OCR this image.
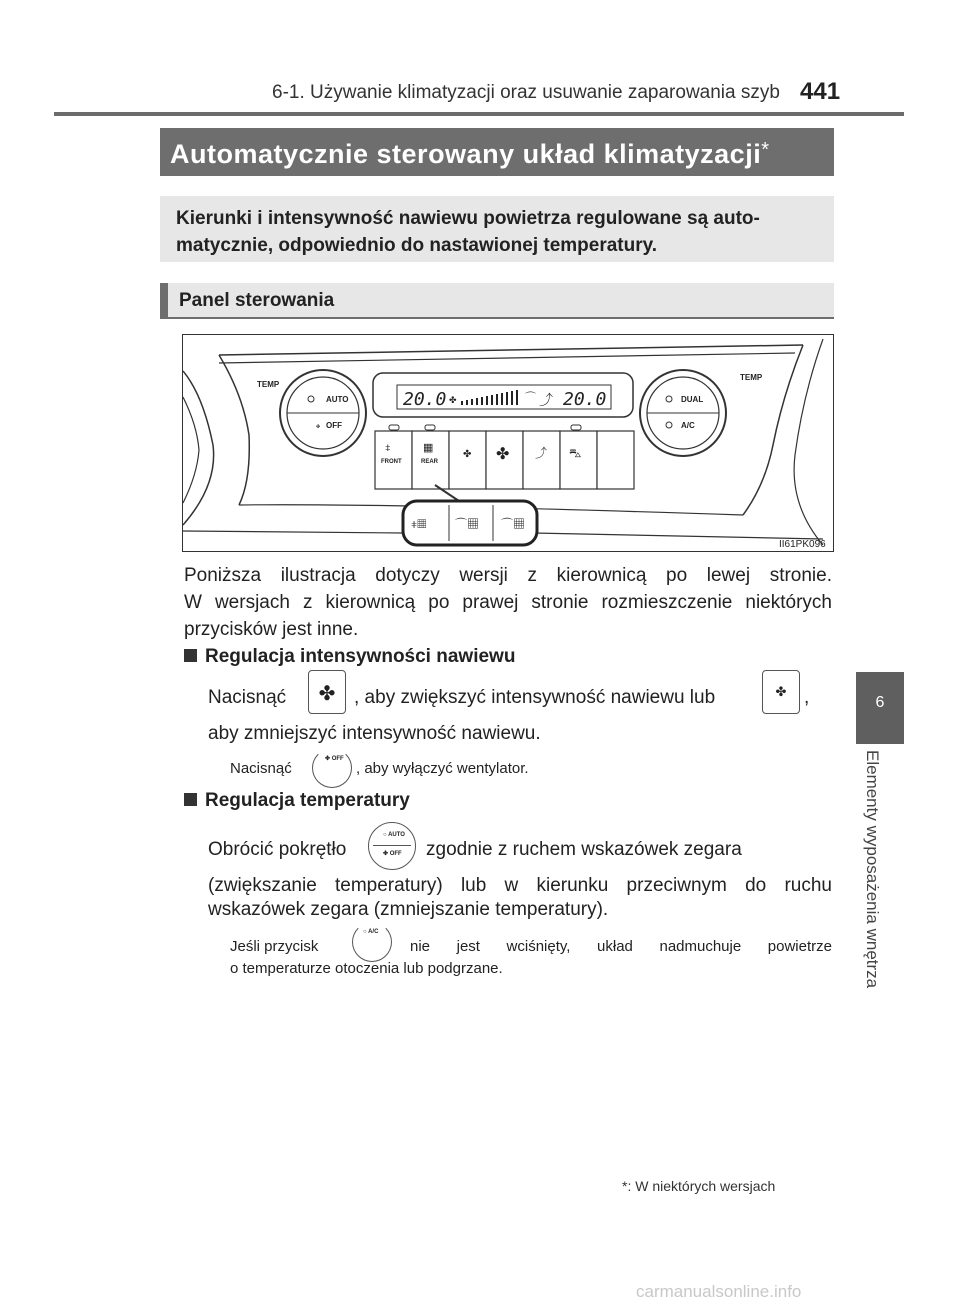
6-1. Używanie klimatyzacji oraz usuwanie zaparowania szyb 441
6
Elementy wyposażenia wnętrza
Automatycznie sterowany układ klimatyzacji*
Kierunki i intensywność nawiewu powietrza regulowane są auto-
matycznie, odpowiednio do nastawionej temperatury.
Panel sterowania
AUTO
✤ OFF
TEMP
DUAL
A/C
TEMP
20.0	20.0
✤	⌒ ⤴
⧧
FRONT
▦
REAR
✤ ✤ ⤴ ⛍
⧧▦ ⌒▦ ⌒▦
II61PK096
Poniższa ilustracja dotyczy wersji z kierownicą po lewej stronie.
W wersjach z kierownicą po prawej stronie rozmieszczenie niektórych
przycisków jest inne.
Regulacja intensywności nawiewu
Nacisnąć	✤ , aby zwiększyć intensywność nawiewu lub	✤ ,
aby zmniejszyć intensywność nawiewu.
Nacisnąć
✤ OFF
, aby wyłączyć wentylator.
Regulacja temperatury
Obrócić pokrętło
○ AUTO
✤ OFF zgodnie z ruchem wskazówek zegara
(zwiększanie temperatury) lub w kierunku przeciwnym do ruchu
wskazówek zegara (zmniejszanie temperatury).
Jeśli przycisk
○ A/C
nie jest wciśnięty, układ nadmuchuje powietrze
o temperaturze otoczenia lub podgrzane.
*: W niektórych wersjach
carmanualsonline.info
